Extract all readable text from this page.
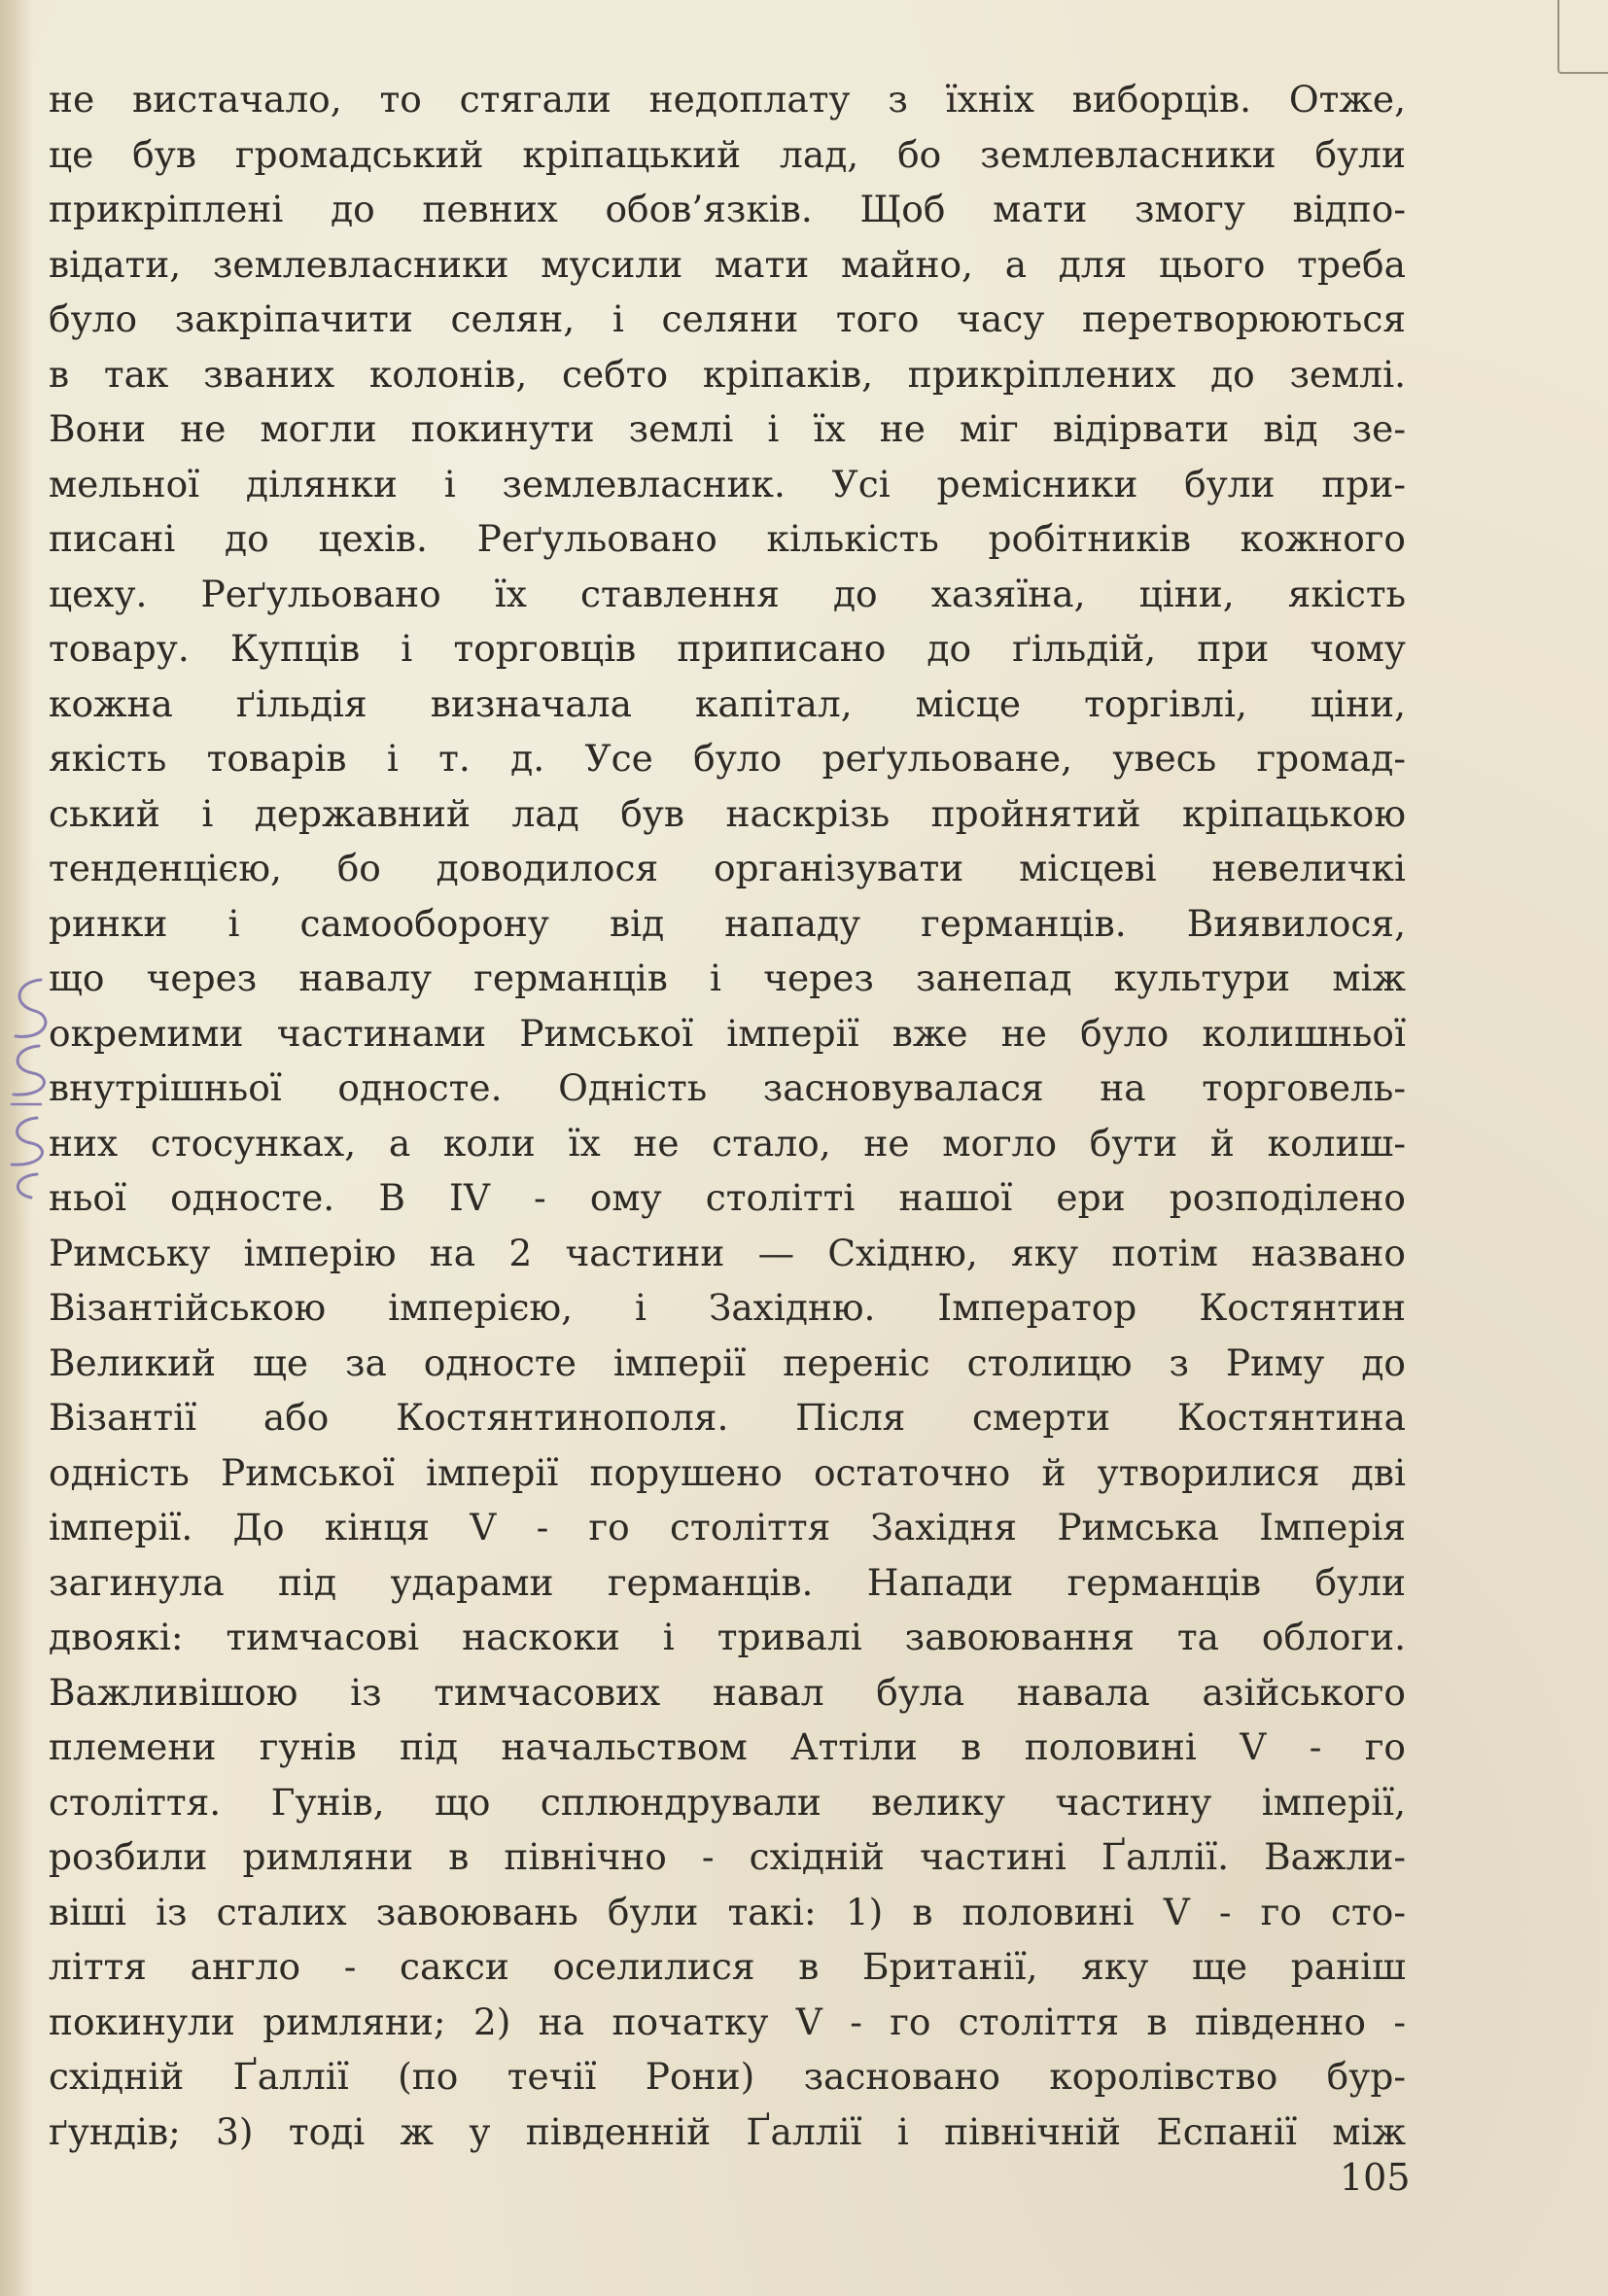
не вистачало, то стягали недоплату з їхніх виборців. Отже,
це був громадський кріпацький лад, бо землевласники були
прикріплені до певних обов’язків. Щоб мати змогу відпо-
відати, землевласники мусили мати майно, а для цього треба
було закріпачити селян, і селяни того часу перетворюються
в так званих колонів, себто кріпаків, прикріплених до землі.
Вони не могли покинути землі і їх не міг відірвати від зе-
мельної ділянки і землевласник. Усі ремісники були при-
писані до цехів. Реґульовано кількість робітників кожного
цеху. Реґульовано їх ставлення до хазяїна, ціни, якість
товару. Купців і торговців приписано до ґільдій, при чому
кожна ґільдія визначала капітал, місце торгівлі, ціни,
якість товарів і т. д. Усе було реґульоване, увесь громад-
ський і державний лад був наскрізь пройнятий кріпацькою
тенденцією, бо доводилося організувати місцеві невеличкі
ринки і самооборону від нападу германців. Виявилося,
що через навалу германців і через занепад культури між
окремими частинами Римської імперії вже не було колишньої
внутрішньої односте. Одність засновувалася на торговель-
них стосунках, а коли їх не стало, не могло бути й колиш-
ньої односте. В IV - ому столітті нашої ери розподілено
Римську імперію на 2 частини — Східню, яку потім названо
Візантійською імперією, і Західню. Імператор Костянтин
Великий ще за односте імперії переніс столицю з Риму до
Візантії або Костянтинополя. Після смерти Костянтина
одність Римської імперії порушено остаточно й утворилися дві
імперії. До кінця V - го століття Західня Римська Імперія
загинула під ударами германців. Напади германців були
двоякі: тимчасові наскоки і тривалі завоювання та облоги.
Важливішою із тимчасових навал була навала азійського
племени гунів під начальством Аттіли в половині V - го
століття. Гунів, що сплюндрували велику частину імперії,
розбили римляни в північно - східній частині Ґаллії. Важли-
віші із сталих завоювань були такі: 1) в половині V - го сто-
ліття англо - сакси оселилися в Британії, яку ще раніш
покинули римляни; 2) на початку V - го століття в південно -
східній Ґаллії (по течії Рони) засновано королівство бур-
ґундів; 3) тоді ж у південній Ґаллії і північній Еспанії між
105
